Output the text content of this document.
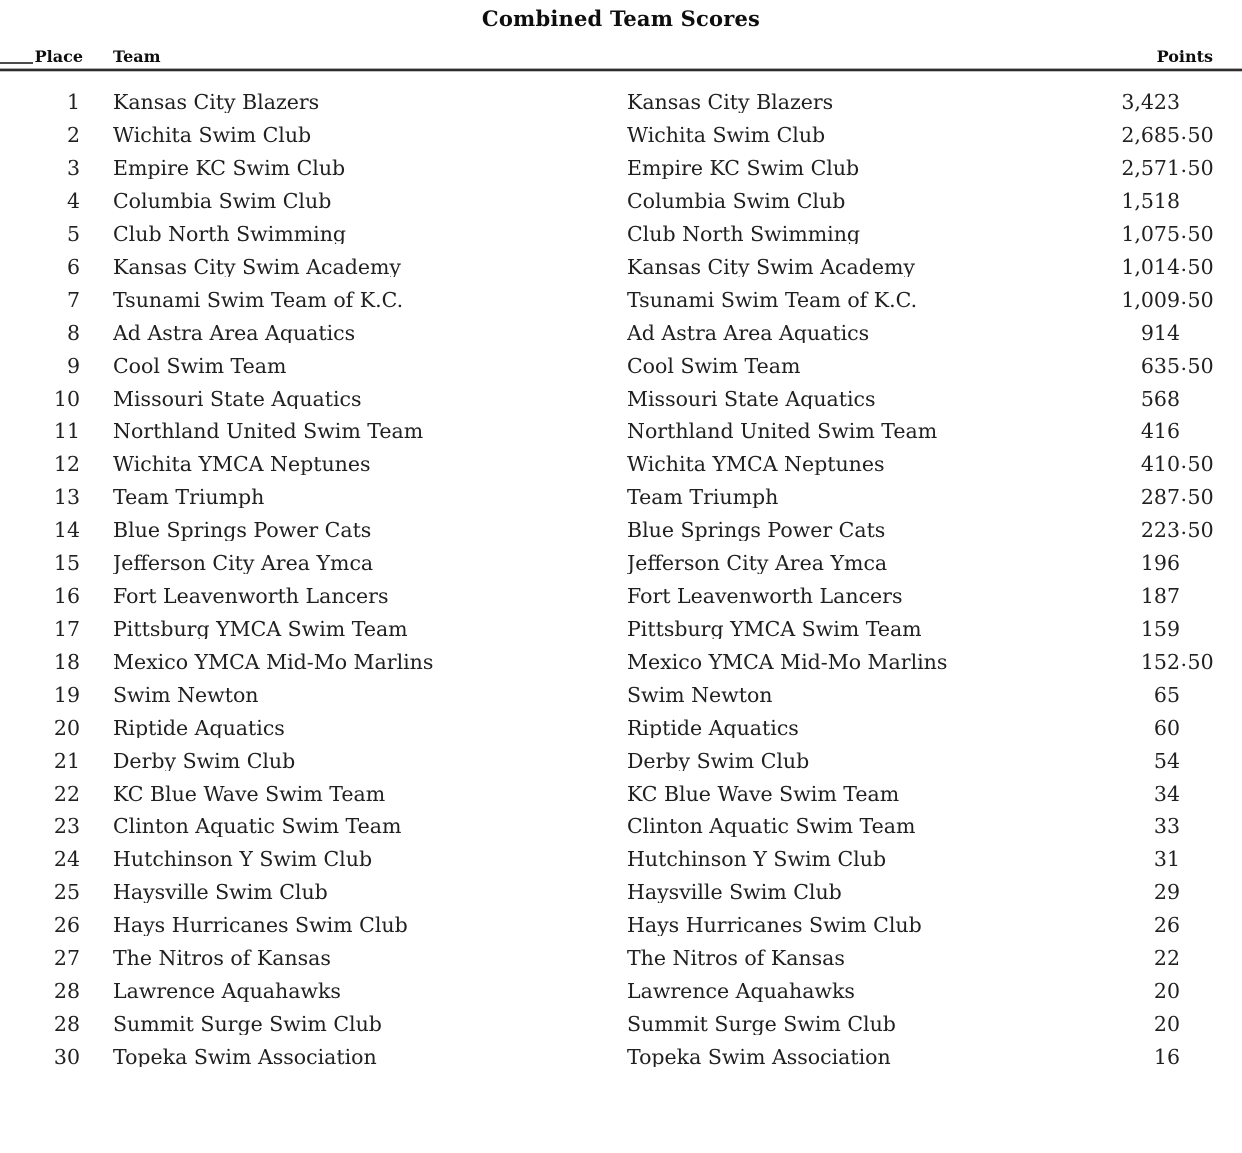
Combined Team Scores
Place Team	Points
1 Kansas City Blazers	Kansas City Blazers	3,423
2 Wichita Swim Club	Wichita Swim Club	2,685 .50
3 Empire KC Swim Club	Empire KC Swim Club	2,571 .50
4 Columbia Swim Club	Columbia Swim Club	1,518
5 Club North Swimming	Club North Swimming	1,075 .50
6 Kansas City Swim Academy	Kansas City Swim Academy	1,014 .50
7 Tsunami Swim Team of K.C.	Tsunami Swim Team of K.C.	1,009 .50
8 Ad Astra Area Aquatics	Ad Astra Area Aquatics	914
9 Cool Swim Team	Cool Swim Team	635 .50
10 Missouri State Aquatics	Missouri State Aquatics	568
11 Northland United Swim Team	Northland United Swim Team	416
12 Wichita YMCA Neptunes	Wichita YMCA Neptunes	410 .50
13 Team Triumph	Team Triumph	287 .50
14 Blue Springs Power Cats	Blue Springs Power Cats	223 .50
15 Jefferson City Area Ymca	Jefferson City Area Ymca	196
16 Fort Leavenworth Lancers	Fort Leavenworth Lancers	187
17 Pittsburg YMCA Swim Team	Pittsburg YMCA Swim Team	159
18 Mexico YMCA Mid-Mo Marlins	Mexico YMCA Mid-Mo Marlins	152 .50
19 Swim Newton	Swim Newton	65
20 Riptide Aquatics	Riptide Aquatics	60
21 Derby Swim Club	Derby Swim Club	54
22 KC Blue Wave Swim Team	KC Blue Wave Swim Team	34
23 Clinton Aquatic Swim Team	Clinton Aquatic Swim Team	33
24 Hutchinson Y Swim Club	Hutchinson Y Swim Club	31
25 Haysville Swim Club	Haysville Swim Club	29
26 Hays Hurricanes Swim Club	Hays Hurricanes Swim Club	26
27 The Nitros of Kansas	The Nitros of Kansas	22
28 Lawrence Aquahawks	Lawrence Aquahawks	20
28 Summit Surge Swim Club	Summit Surge Swim Club	20
30 Topeka Swim Association	Topeka Swim Association	16
